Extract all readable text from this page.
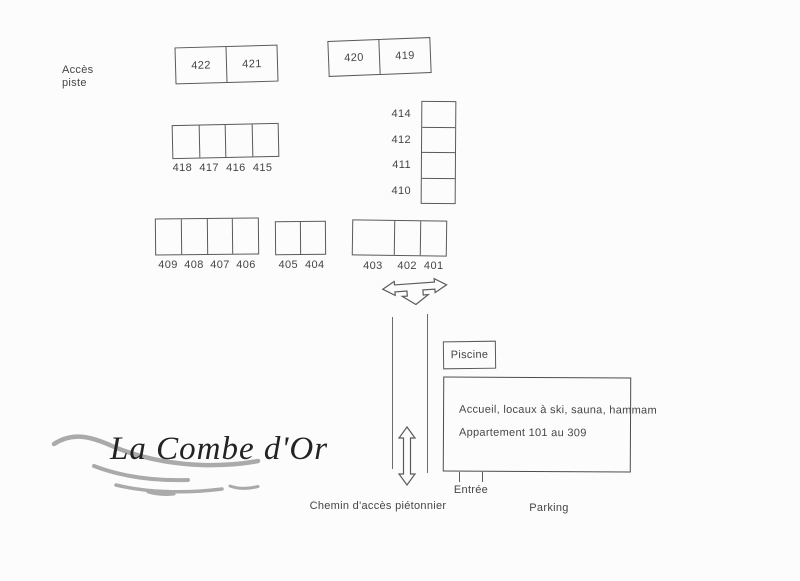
Accès
piste
422	421	420	419
414
412
411
410
418 417 416 415
409 408 407 406	405 404	403	402 401
Piscine
Accueil, locaux à ski, sauna, hammam
Appartement 101 au 309
Entrée
Parking
Chemin d'accès piétonnier
La Combe d'Or
